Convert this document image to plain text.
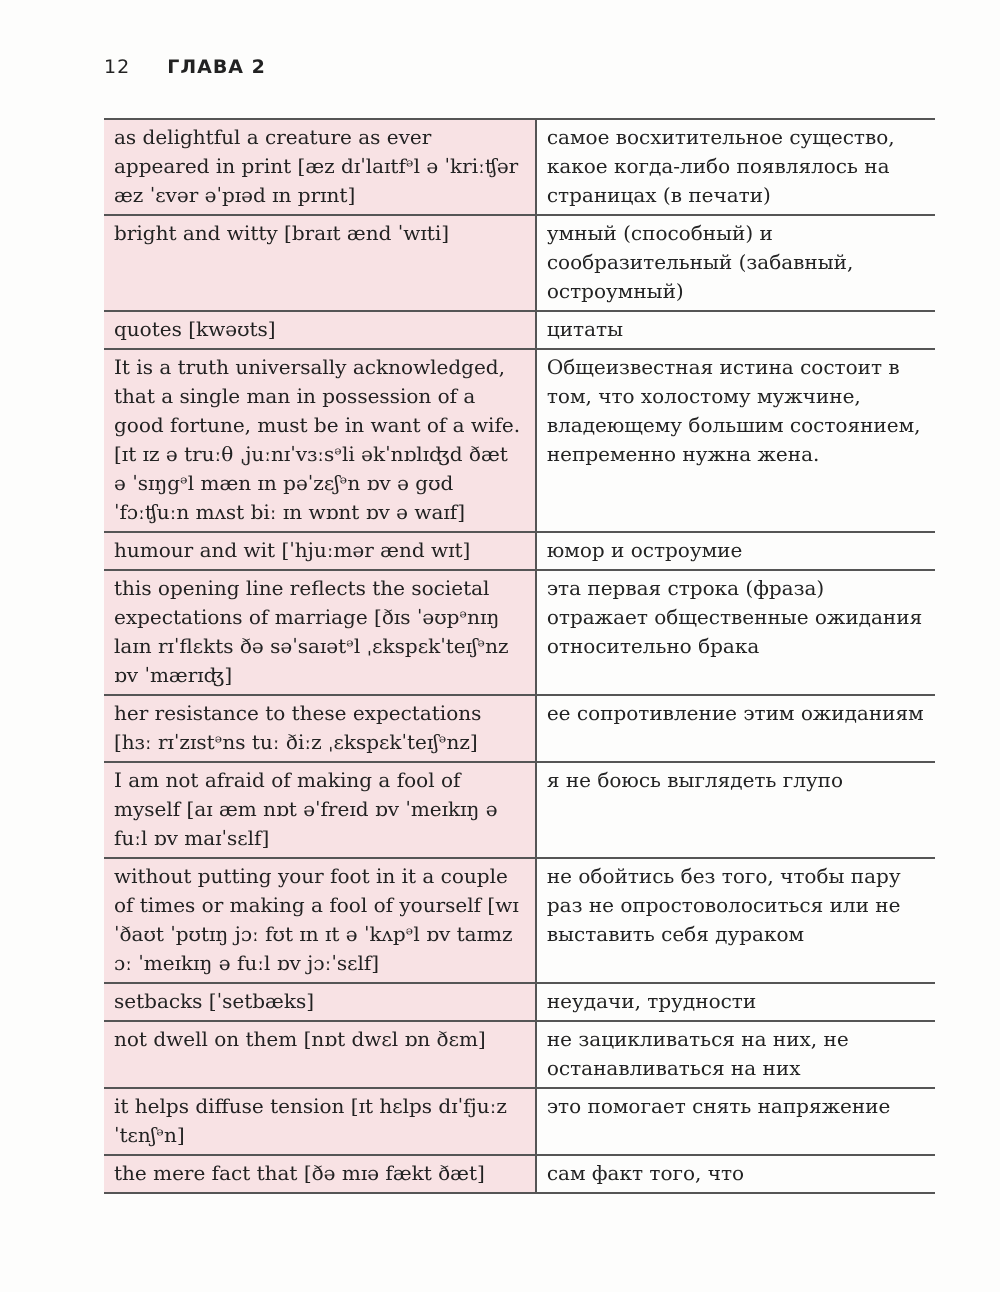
12 ГЛАВА 2
as delightful a creature as ever appeared in print [æz dɪˈlaɪtfᵊl ə ˈkriːʧər æz ˈɛvər əˈpɪəd ɪn prɪnt]	самое восхитительное существо, какое когда-либо появлялось на страницах (в печати)
bright and witty [braɪt ænd ˈwɪti]	умный (способный) и сообразительный (забавный, остроумный)
quotes [kwəʊts]	цитаты
It is a truth universally acknowledged, that a single man in possession of a good fortune, must be in want of a wife. [ɪt ɪz ə truːθ ˌjuːnɪˈvɜːsᵊli əkˈnɒlɪʤd ðæt ə ˈsɪŋgᵊl mæn ɪn pəˈzɛʃᵊn ɒv ə gʊd ˈfɔːʧuːn mʌst biː ɪn wɒnt ɒv ə waɪf]	Общеизвестная истина состоит в том, что холостому мужчине, владеющему большим состоянием, непременно нужна жена.
humour and wit [ˈhjuːmər ænd wɪt]	юмор и остроумие
this opening line reflects the societal expectations of marriage [ðɪs ˈəʊpᵊnɪŋ laɪn rɪˈflɛkts ðə səˈsaɪətᵊl ˌɛkspɛkˈteɪʃᵊnz ɒv ˈmærɪʤ]	эта первая строка (фраза) отражает общественные ожидания относительно брака
her resistance to these expectations [hɜː rɪˈzɪstᵊns tuː ðiːz ˌɛkspɛkˈteɪʃᵊnz]	ее сопротивление этим ожиданиям
I am not afraid of making a fool of myself [aɪ æm nɒt əˈfreɪd ɒv ˈmeɪkɪŋ ə fuːl ɒv maɪˈsɛlf]	я не боюсь выглядеть глупо
without putting your foot in it a couple of times or making a fool of yourself [wɪˈðaʊt ˈpʊtɪŋ jɔː fʊt ɪn ɪt ə ˈkʌpᵊl ɒv taɪmz ɔː ˈmeɪkɪŋ ə fuːl ɒv jɔːˈsɛlf]	не обойтись без того, чтобы пару раз не опростоволоситься или не выставить себя дураком
setbacks [ˈsetbæks]	неудачи, трудности
not dwell on them [nɒt dwɛl ɒn ðɛm]	не зацикливаться на них, не останавливаться на них
it helps diffuse tension [ɪt hɛlps dɪˈfjuːz ˈtɛnʃᵊn]	это помогает снять напряжение
the mere fact that [ðə mɪə fækt ðæt]	сам факт того, что
